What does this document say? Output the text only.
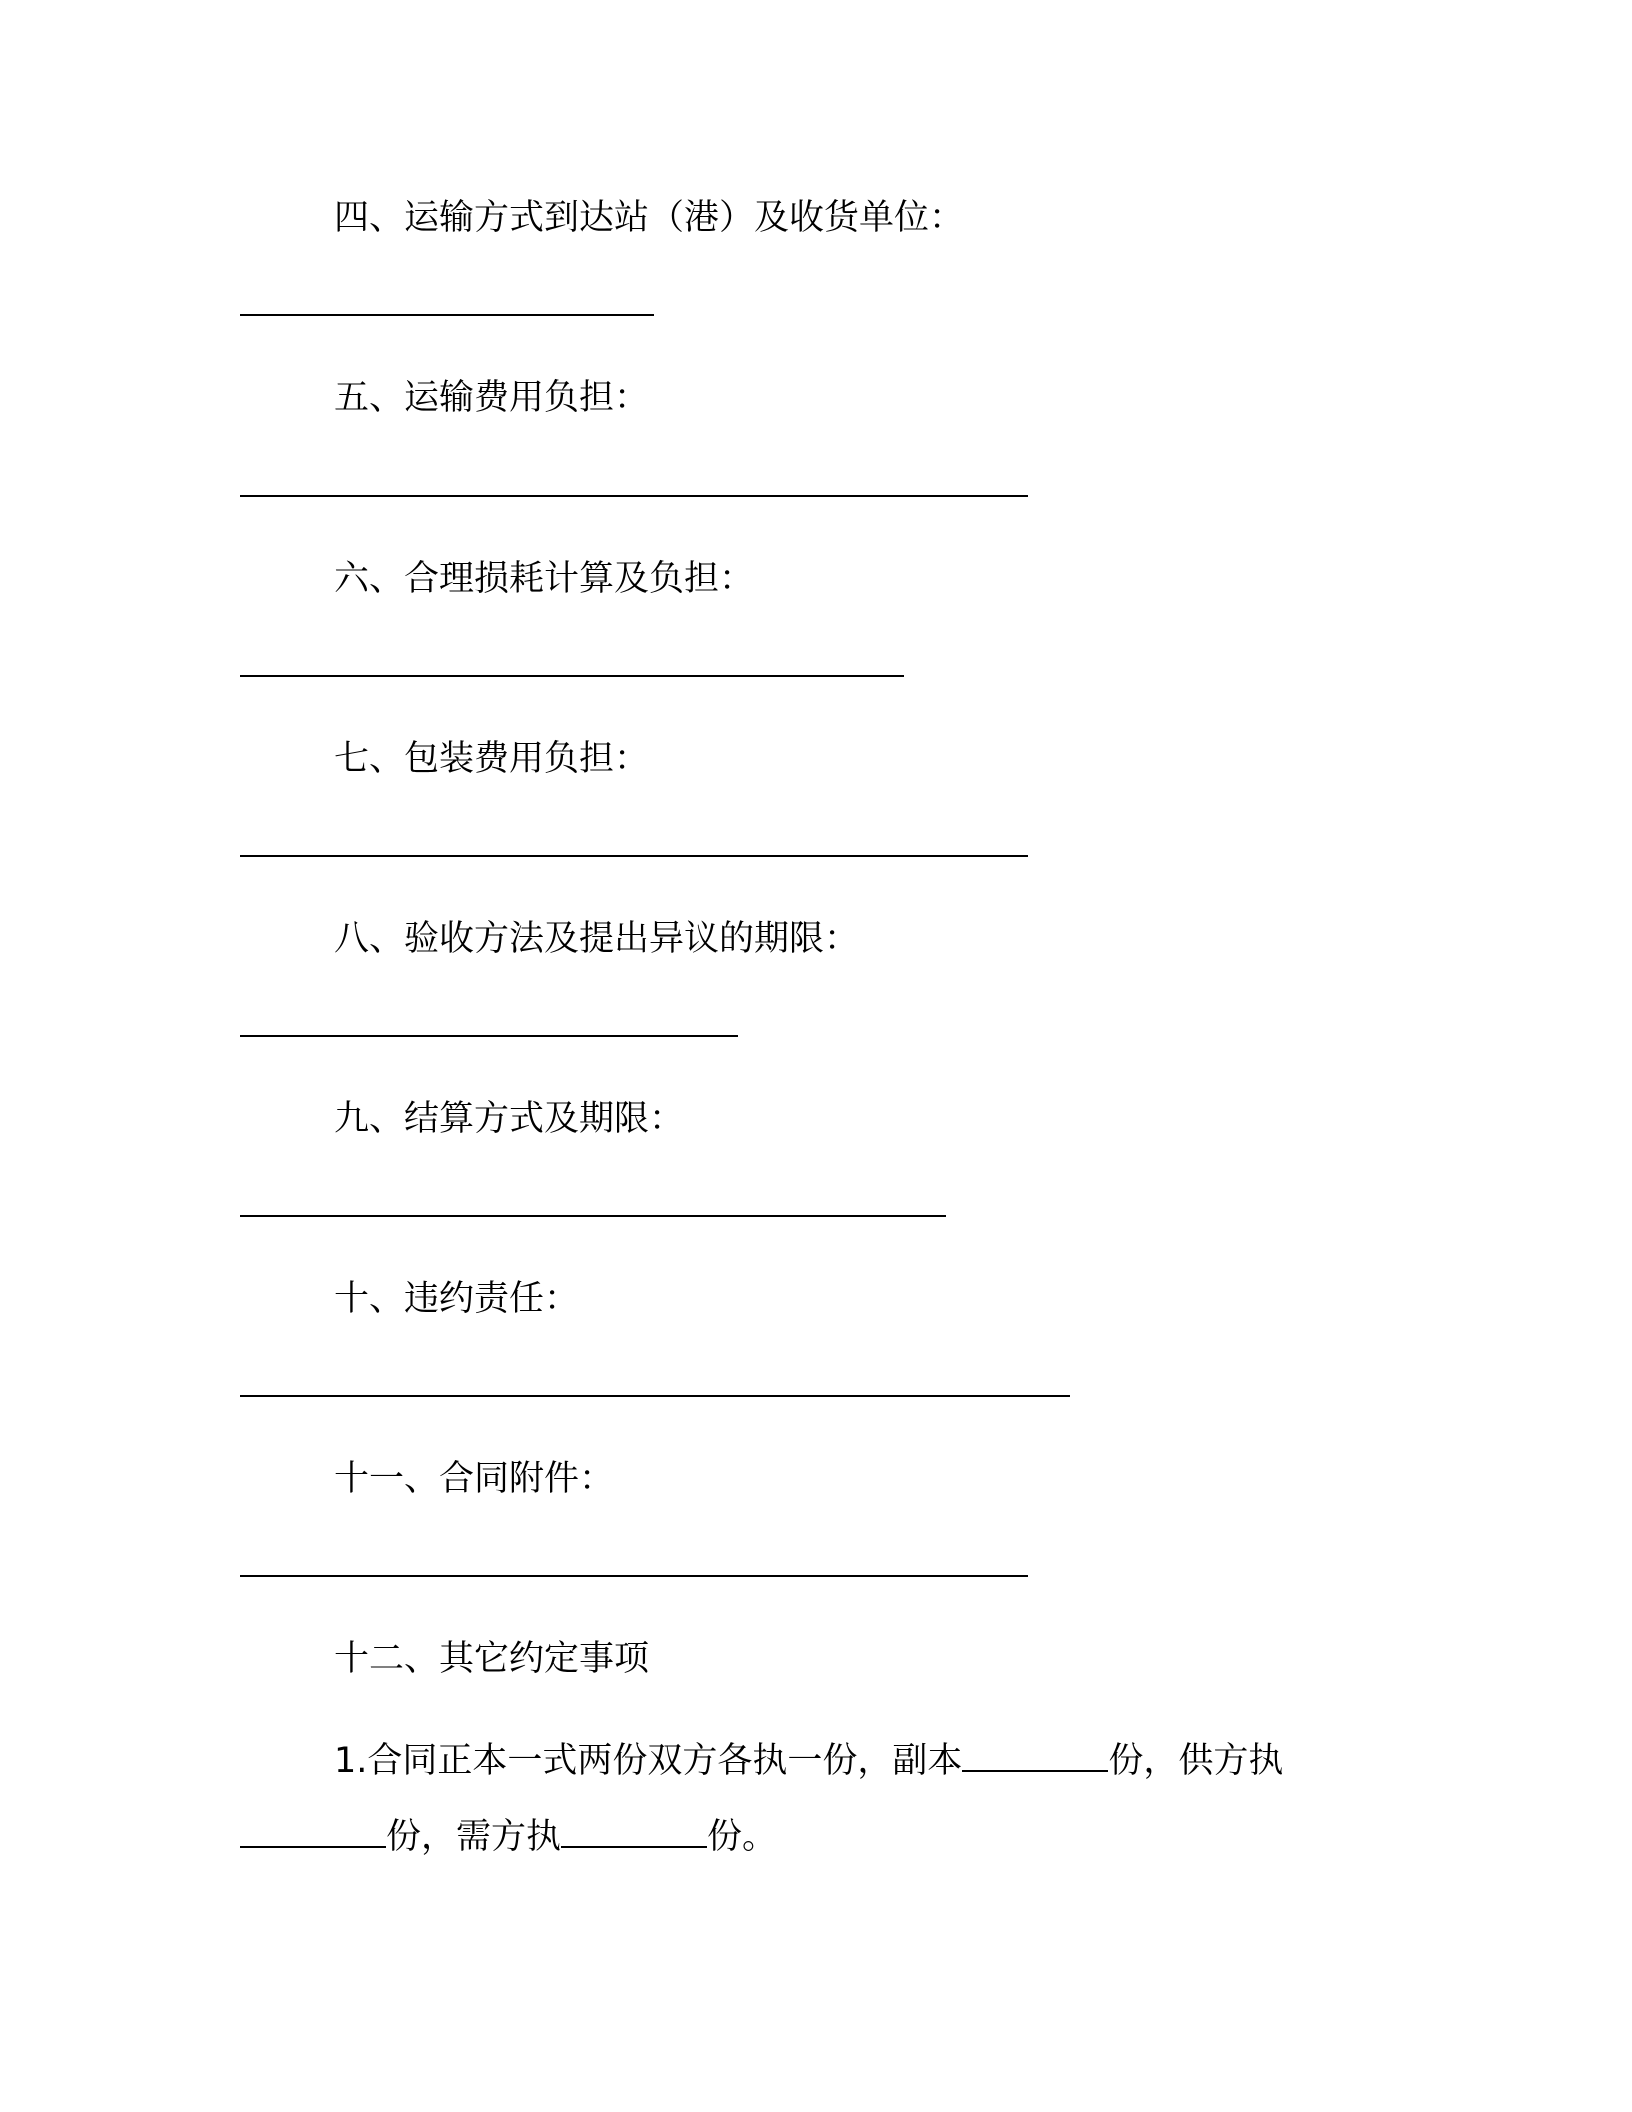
四、运输方式到达站（港）及收货单位：
五、运输费用负担：
六、合理损耗计算及负担：
七、包装费用负担：
八、验收方法及提出异议的期限：
九、结算方式及期限：
十、违约责任：
十一、合同附件：
十二、其它约定事项
1.合同正本一式两份双方各执一份，副本	份，供方执
份，需方执	份。
